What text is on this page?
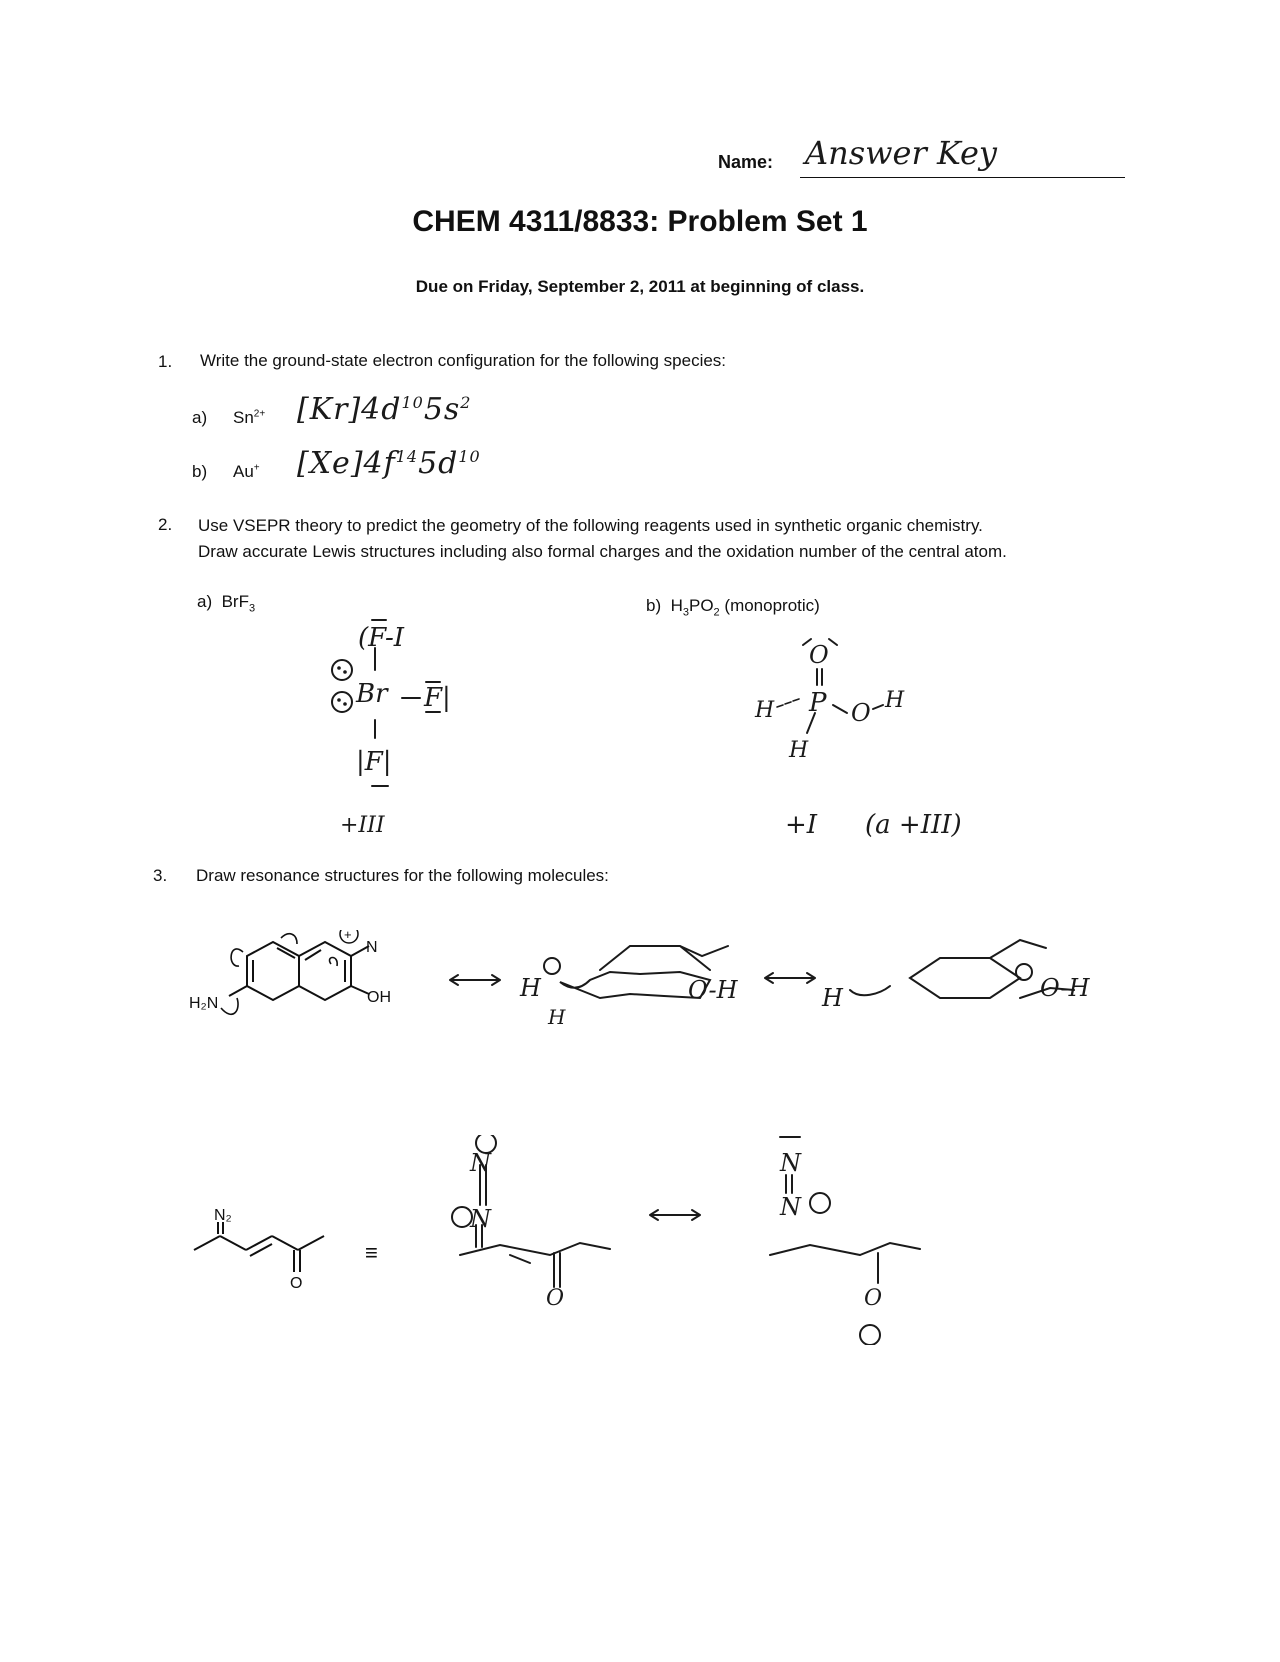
Name: Answer Key
CHEM 4311/8833: Problem Set 1
Due on Friday, September 2, 2011 at beginning of class.
1. Write the ground-state electron configuration for the following species:
a) $Sn^{2+}$ $[Kr]4d^{10}5s^2$
b) Au+ $[Xe]4f^{14}5d^{10}$
2. Use VSEPR theory to predict the geometry of the following reagents used in synthetic organic chemistry.
Draw accurate Lewis structures including also formal charges and the oxidation number of the central atom.
a) BrF$_3$	b) $H_3PO_2$ (monoprotic)
(F-I
Br F|
|F|
+III
O
P
H	O H
H
+I (a +III)
3. Draw resonance structures for the following molecules:
H₂N
N
+
OH	H
H
O-H	H	O-H
N₂
O
≡
N
N
O
N
N
O
